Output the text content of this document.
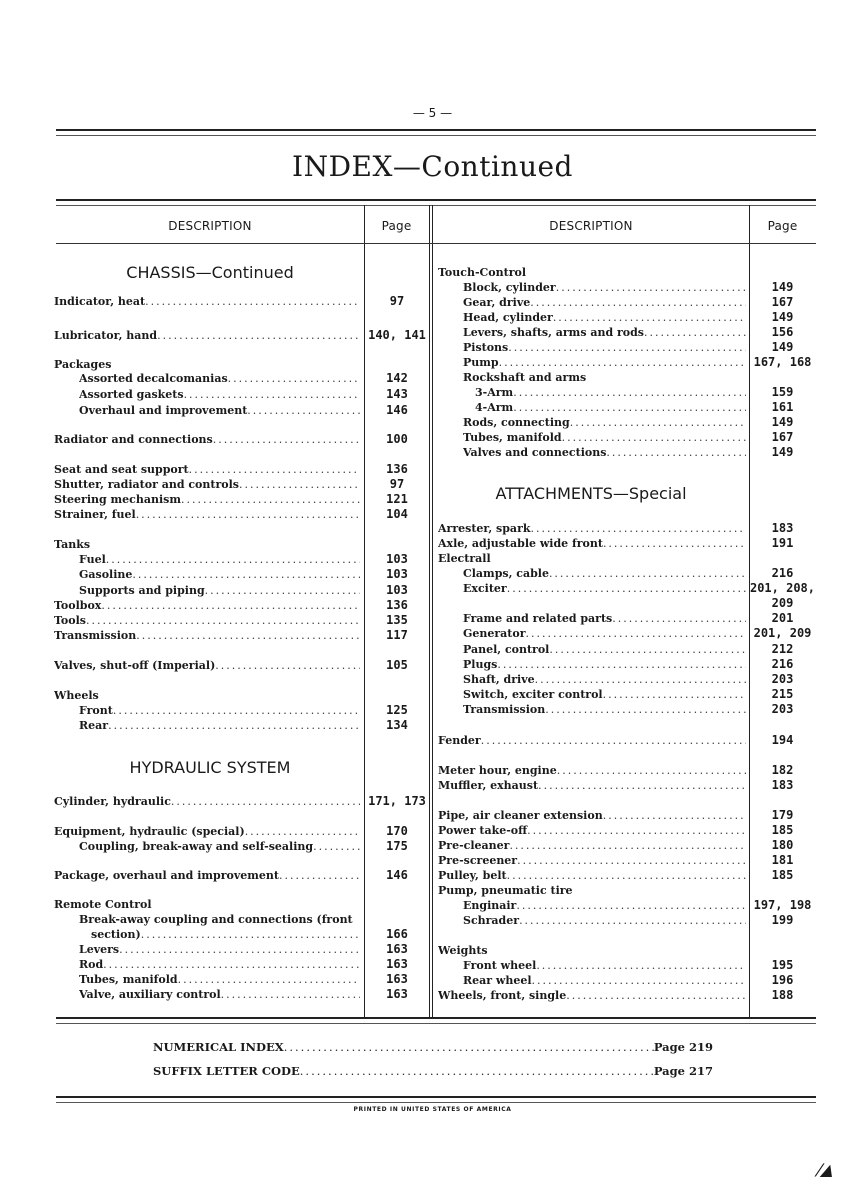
— 5 —
INDEX—Continued
DESCRIPTION	Page	DESCRIPTION	Page
Indicator, heat .....	97
Lubricator, hand .....	140, 141
Packages
Assorted decalcomanias .....	142
Assorted gaskets .....	143
Overhaul and improvement .....	146
Radiator and connections .....	100
Seat and seat support .....	136
Shutter, radiator and controls .....	97
Steering mechanism .....	121
Strainer, fuel .....	104
Tanks
Fuel .....	103
Gasoline .....	103
Supports and piping .....	103
Toolbox .....	136
Tools .....	135
Transmission .....	117
Valves, shut-off (Imperial) .....	105
Wheels
Front .....	125
Rear .....	134
Cylinder, hydraulic .....	171, 173
Equipment, hydraulic (special) .....	170
Coupling, break-away and self-sealing .....	175
Package, overhaul and improvement .....	146
Remote Control
Break-away coupling and connections (front
section) .....	166
Levers .....	163
Rod .....	163
Tubes, manifold .....	163
Valve, auxiliary control .....	163
Touch-Control
Block, cylinder .....	149
Gear, drive .....	167
Head, cylinder .....	149
Levers, shafts, arms and rods .....	156
Pistons .....	149
Pump .....	167, 168
Rockshaft and arms
3-Arm .....	159
4-Arm .....	161
Rods, connecting .....	149
Tubes, manifold .....	167
Valves and connections .....	149
Arrester, spark .....	183
Axle, adjustable wide front .....	191
Electrall
Clamps, cable .....	216
Exciter .....	201, 208,
209
Frame and related parts .....	201
Generator .....	201, 209
Panel, control .....	212
Plugs .....	216
Shaft, drive .....	203
Switch, exciter control .....	215
Transmission .....	203
Fender .....	194
Meter hour, engine .....	182
Muffler, exhaust .....	183
Pipe, air cleaner extension .....	179
Power take-off .....	185
Pre-cleaner .....	180
Pre-screener .....	181
Pulley, belt .....	185
Pump, pneumatic tire
Enginair .....	197, 198
Schrader .....	199
Weights
Front wheel .....	195
Rear wheel .....	196
Wheels, front, single .....	188
CHASSIS—Continued
HYDRAULIC SYSTEM
ATTACHMENTS—Special
NUMERICAL INDEX .....	Page 219
SUFFIX LETTER CODE .....	Page 217
PRINTED IN UNITED STATES OF AMERICA
/▲
